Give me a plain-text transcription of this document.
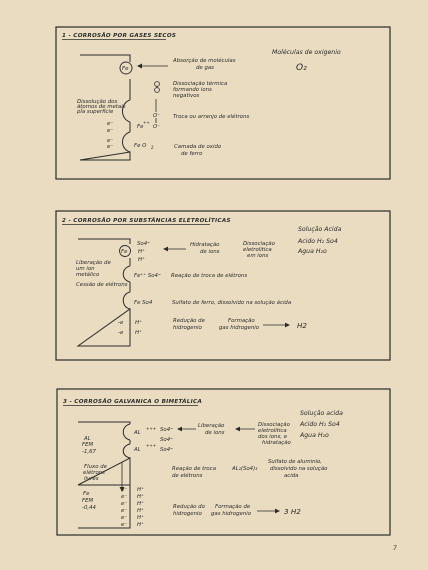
1 - CORROSÃO POR GASES SECOS
Fe
Fe
++
O⁻
O⁻
e⁻
e⁻
e⁻
e⁻	Fe O 2
Dissolução dos
ătomos de metais
pĺa superfície
Absorção de moléculas
de gas
Dissociação térmica
formando ions
negativos
Troca ou arranjo de elétrons
Camada de oxido
de ferro
Moléculas de oxigenio
O₂
2 - CORROSÃO POR SUBSTÂNCIAS ELETROLÍTICAS
Fe
So4⁼
H⁺
H⁺
Fe⁺⁺ So4⁼
Fe So4
H⁺
H⁺
-e
-e
Liberação de
um ion
metálico
Cessão de elétrons
Hidratação
de ions
Dissociação
eletrolitica
em ions
Reação de troca de elétrons
Sulfato de ferro, dissolvido na solução ácida
Redução de
hidrogenio
Formação
gas hidrogenio	H2
Solução Acida
Acido H₂ So4
Agua H₂o
3 - CORROSÃO GALVANICA O BIMETÁLICA
AL
+++ So4⁼
So4⁼
AL
+++
So4⁼
AL
FEM
-1,67
Fluxo de
elétrons
livres
Fe
FEM
-0,44
e⁻
e⁻
e⁻
e⁻
e⁻
e⁻
H⁺
H⁺
H⁺
H⁺
H⁺
H⁺
Liberação
de ions
Dissociação
eletrolitica
dos ions, e
hidratação
Reação de troca
de elétrons
AL₂(So4)₃
Sulfato de aluminio,
dissolvido na solução
acida
Redução do
hidrogenio
Formação de
gas hidrogenio	3 H2
Solução acida
Acido H₂ So4
Agua H₂o
7
